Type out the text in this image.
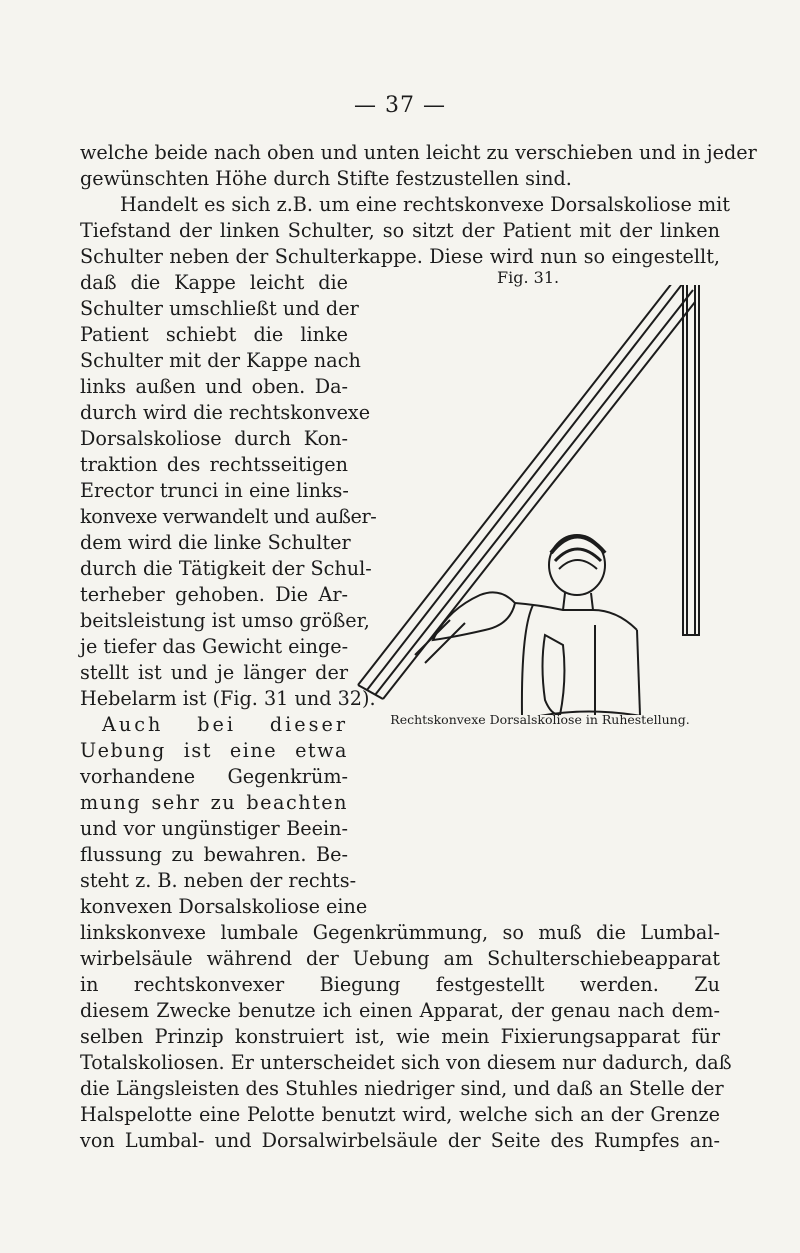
— 37 —
welche beide nach oben und unten leicht zu verschieben und in jeder
gewünschten Höhe durch Stifte festzustellen sind.
Handelt es sich z.B. um eine rechtskonvexe Dorsalskoliose mit
Tiefstand der linken Schulter, so sitzt der Patient mit der linken
Schulter neben der Schulterkappe. Diese wird nun so eingestellt,
daß die Kappe leicht die
Schulter umschließt und der
Patient schiebt die linke
Schulter mit der Kappe nach
links außen und oben. Da-
durch wird die rechtskonvexe
Dorsalskoliose durch Kon-
traktion des rechtsseitigen
Erector trunci in eine links-
konvexe verwandelt und außer-
dem wird die linke Schulter
durch die Tätigkeit der Schul-
terheber gehoben. Die Ar-
beitsleistung ist umso größer,
je tiefer das Gewicht einge-
stellt ist und je länger der
Hebelarm ist (Fig. 31 und 32).
Auch bei dieser
Uebung ist eine etwa
vorhandene Gegenkrüm-
mung sehr zu beachten
und vor ungünstiger Beein-
flussung zu bewahren. Be-
steht z. B. neben der rechts-
konvexen Dorsalskoliose eine
linkskonvexe lumbale Gegenkrümmung, so muß die Lumbal-
wirbelsäule während der Uebung am Schulterschiebeapparat
in rechtskonvexer Biegung festgestellt werden. Zu
diesem Zwecke benutze ich einen Apparat, der genau nach dem-
selben Prinzip konstruiert ist, wie mein Fixierungsapparat für
Totalskoliosen. Er unterscheidet sich von diesem nur dadurch, daß
die Längsleisten des Stuhles niedriger sind, und daß an Stelle der
Halspelotte eine Pelotte benutzt wird, welche sich an der Grenze
von Lumbal- und Dorsalwirbelsäule der Seite des Rumpfes an-
Fig. 31.
Rechtskonvexe Dorsalskoliose in Ruhestellung.
